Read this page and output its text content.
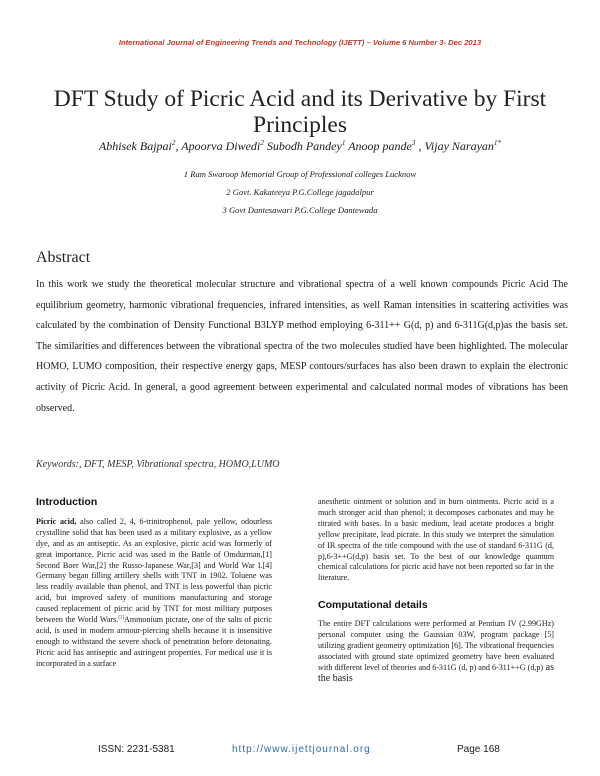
International Journal of Engineering Trends and Technology (IJETT) – Volume 6 Number 3- Dec 2013
DFT Study of Picric Acid and its Derivative by First Principles
Abhisek Bajpai$^2$, Apoorva Diwedi$^2$ Subodh Pandey$^1$ Anoop pande$^3$ , Vijay Narayan$^{1*}$
1 Ram Swaroop Memorial Group of Professional colleges Lucknow
2 Govt. Kakateeya P.G.College jagadalpur
3 Govt Dantesawari P.G.College Dantewada
Abstract
In this work we study the theoretical molecular structure and vibrational spectra of a well known compounds Picric Acid The equilibrium geometry, harmonic vibrational frequencies, infrared intensities, as well Raman intensities in scattering activities was calculated by the combination of Density Functional B3LYP method employing 6-311++ G(d, p) and 6-311G(d,p)as the basis set. The similarities and differences between the vibrational spectra of the two molecules studied have been highlighted. The molecular HOMO, LUMO composition, their respective energy gaps, MESP contours/surfaces has also been drawn to explain the electronic activity of Picric Acid. In general, a good agreement between experimental and calculated normal modes of vibrations has been observed.
Keywords:, DFT, MESP, Vibrational spectra, HOMO,LUMO
Introduction
Picric acid, also called 2, 4, 6-trinitrophenol, pale yellow, odourless crystalline solid that has been used as a military explosive, as a yellow dye, and as an antiseptic. As an explosive, picric acid was formerly of great importance. Picric acid was used in the Battle of Omdurman,[1] Second Boer War,[2] the Russo-Japanese War,[3] and World War I.[4] Germany began filling artillery shells with TNT in 1902. Toluene was less readily available than phenol, and TNT is less powerful than picric acid, but improved safety of munitions manufacturing and storage caused replacement of picric acid by TNT for most military purposes between the World Wars.[1]Ammonium picrate, one of the salts of picric acid, is used in modern armour-piercing shells because it is insensitive enough to withstand the severe shock of penetration before detonating. Picric acid has antiseptic and astringent properties. For medical use it is incorporated in a surface
anesthetic ointment or solution and in burn ointments. Picric acid is a much stronger acid than phenol; it decomposes carbonates and may be titrated with bases. In a basic medium, lead acetate produces a bright yellow precipitate, lead picrate. In this study we interpret the simulation of IR spectra of the title compound with the use of standard 6-311G (d, p),6-3++G(d,p) basis set. To the best of our knowledge quantum chemical calculations for picric acid have not been reported so far in the literature.
Computational details
The entire DFT calculations were performed at Pentium IV (2.99GHz) personal computer using the Gaussian 03W, program package [5] utilizing gradient geometry optimization [6]. The vibrational frequencies associated with ground state optimized geometry have been evaluated with different level of theories and 6-311G (d, p) and 6-311++G (d,p) as the basis
ISSN: 2231-5381	http://www.ijettjournal.org	Page 168
